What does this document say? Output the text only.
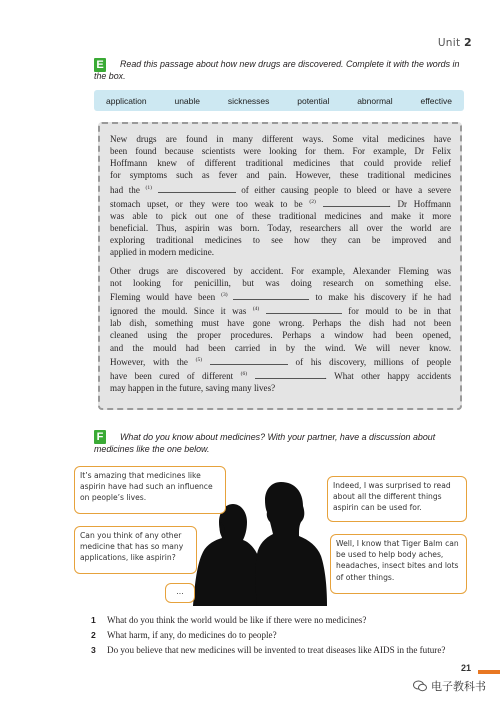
Unit 2
E Read this passage about how new drugs are discovered. Complete it with the words in
the box.
application	unable	sicknesses	potential	abnormal	effective

New drugs are found in many different ways. Some vital medicines have
been found because scientists were looking for them. For example, Dr Felix
Hoffmann knew of different traditional medicines that could provide relief
for symptoms such as fever and pain. However, these traditional medicines
had the $^{(1)}$	of either causing people to bleed or have a severe
stomach upset, or they were too weak to be $^{(2)}$	. Dr Hoffmann
was able to pick out one of these traditional medicines and make it more
beneficial. Thus, aspirin was born. Today, researchers all over the world are
exploring traditional medicines to see how they can be improved and
applied in modern medicine.

Other drugs are discovered by accident. For example, Alexander Fleming was
not looking for penicillin, but was doing research on something else.
Fleming would have been $^{(3)}$	to make his discovery if he had
ignored the mould. Since it was $^{(4)}$	for mould to be in that
lab dish, something must have gone wrong. Perhaps the dish had not been
cleaned using the proper procedures. Perhaps a window had been opened,
and the mould had been carried in by the wind. We will never know.
However, with the $^{(5)}$	of his discovery, millions of people
have been cured of different $^{(6)}$	. What other happy accidents
may happen in the future, saving many lives?

F What do you know about medicines? With your partner, have a discussion about
medicines like the one below.
It’s amazing that medicines like aspirin have had such an influence on people’s lives.
Can you think of any other medicine that has so many applications, like aspirin?
...
Indeed, I was surprised to read about all the different things aspirin can be used for.
Well, I know that Tiger Balm can be used to help body aches, headaches, insect bites and lots of other things.
1	What do you think the world would be like if there were no medicines?
2	What harm, if any, do medicines do to people?
3	Do you believe that new medicines will be invented to treat diseases like AIDS in the future?
21
电子教科书
